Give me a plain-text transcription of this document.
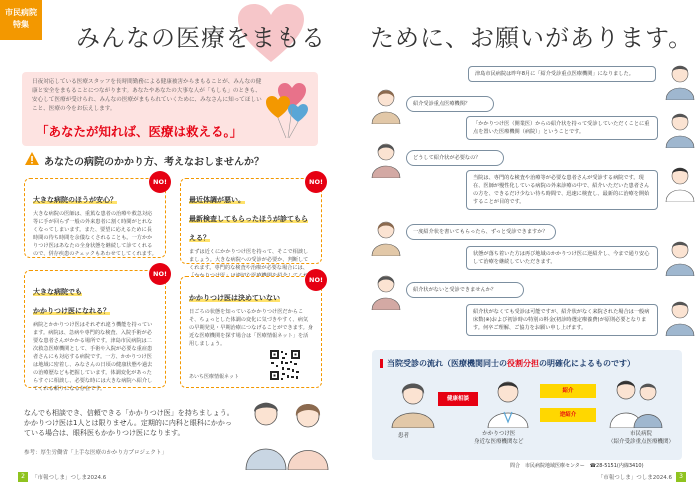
市民病院
特集	みんなの医療をまもる

日夜対応している医療スタッフを長時間勤務による健康被害からまもることが、みんなの健康と安全をまもることにつながります。あなたやあなたの大事な人が「もしも」のときも、安心して医療が受けられ、みんなの医療がまもられていくために、みなさんに知ってほしいこと、医療の今をお伝えします。

「あなたが知れば、医療は救える。」
あなたの病院のかかり方、考えなおしませんか？
NO!
大きな病院のほうが安心？

大きな病院の医師は、重篤な患者の治療や救急対応等に手が回らず一般の外来患者に割く時間がとれなくなってしまいます。また、要望に応えるために長時間の待ち時間を余儀なくされることも。一方かかりつけ医はあなたの全身状態を継続して診てくれるので、併存疾患のチェックもあわせてしてくれます。

NO!
最近体調が悪い。
最新検査してもらったほうが診てもらえる？

まずは近くにかかりつけ医を持って、そこで相談しましょう。大きな病院への受診が必要か、判断してくれます。専門的な検査や治療が必要な場合には、

NO!
大きな病院でも
かかりつけ医になれる？

病院とかかりつけ医はそれぞれ違う機能を持っています。病院は、急病や専門的な検査、入院手術が必要な患者さんがかかる場所です。津島市民病院は二次救急医療機関として、手術や入院が必要な重症患者さんにも対応する病院です。一方、かかりつけ医は地域に密着し、みなさんの日頃の健康状態や過去の治療歴なども把握しています。体調変化があったらすぐに相談し、必要な時には大きな病院へ紹介してくれる頼りになる存在です。

NO!
かかりつけ医は決めていない

日ごろの状態を知っているかかりつけ医だからこそ、ちょっとした体調の変化に気づきやすく、病気の早期発見・早期治療につなげることができます。身近な医療機関を探す場合は「医療情報ネット」を活用しましょう。

あいち医療情報ネット

なんでも相談でき、信頼できる「かかりつけ医」を持ちましょう。かかりつけ医は1人とは限りません。定期的に内科と眼科にかかっている場合は、眼科医もかかりつけ医になります。

参考：厚生労働省「上手な医療のかかり方プロジェクト」
2	「市報つしま」つしま2024.6
ために、お願いがあります。
津島市民病院は昨年8月に「紹介受診重点医療機関」になりました。
紹介受診重点医療機関？
「かかりつけ医（開業医）からの紹介状を持って受診していただくことに重点を置いた医療機関（病院）」ということです。
どうして紹介状が必要なの？
当院は、専門的な検査や治療等が必要な患者さんが受診する病院です。現在、医師が慢性化している病院の外来診療の中で、紹介いただいた患者さんの方を、できるだけ少ない待ち時間で、迅速に検査し、最新的に治療を開始することが目的です。
一度紹介状を書いてもらったら、ずっと受診できますか？
状態が落ち着いた方は再び地域のかかりつけ医に逆紹介し、今まで通り安心して治療を継続していただきます。
紹介状がないと受診できませんか？
紹介状がなくても受診は可能ですが、紹介状がなく来院された場合は一般病床数(※)および初診時の特別の料金(初診時選定療養費)が原則必要となります。何卒ご理解、ご協力をお願い申し上げます。
当院受診の流れ（医療機関同士の役割分担の明確化によるものです）
患者
健康相談
かかりつけ医
身近な医療機関など
紹介
逆紹介
市民病院
（紹介受診重点医療機関）
問合　市民病院地域医療センター　☎28-5151(内線3410)
「市報つしま」つしま2024.6	3
